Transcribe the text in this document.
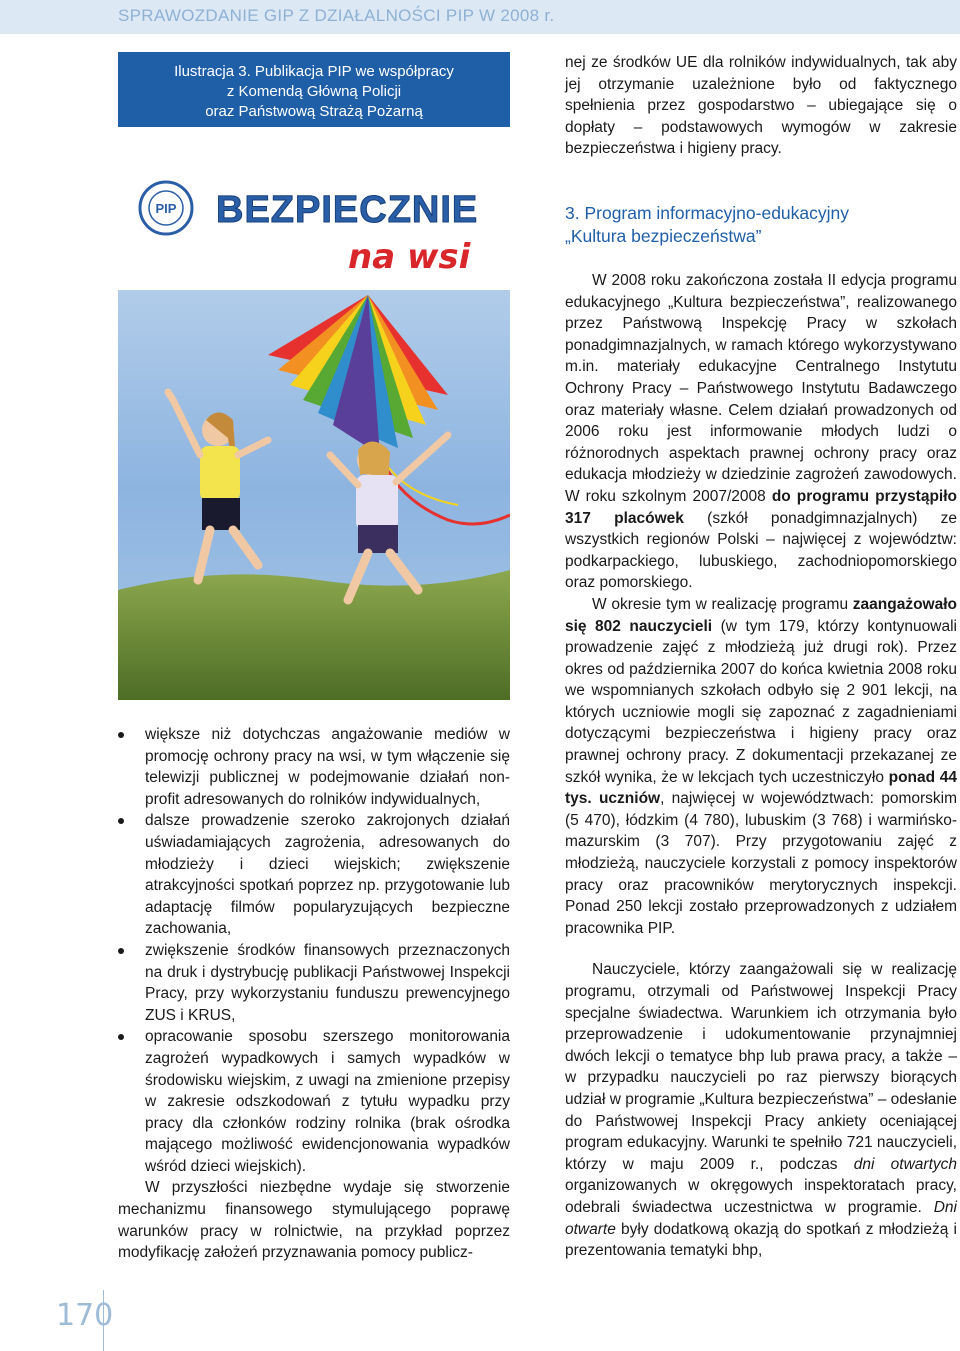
SPRAWOZDANIE GIP Z DZIAŁALNOŚCI PIP W 2008 r.
Ilustracja 3. Publikacja PIP we współpracy
z Komendą Główną Policji
oraz Państwową Strażą Pożarną
PIP BEZPIECZNIE
na wsi

nej ze środków UE dla rolników indywidualnych, tak aby jej otrzymanie uzależnione było od faktycznego spełnienia przez gospodarstwo – ubiegające się o dopłaty – podstawowych wymogów w zakresie bezpieczeństwa i higieny pracy.

3. Program informacyjno-edukacyjny
„Kultura bezpieczeństwa”

W 2008 roku zakończona została II edycja programu edukacyjnego „Kultura bezpieczeństwa”, realizowanego przez Państwową Inspekcję Pracy w szkołach ponadgimnazjalnych, w ramach którego wykorzystywano m.in. materiały edukacyjne Centralnego Instytutu Ochrony Pracy – Państwowego Instytutu Badawczego oraz materiały własne. Celem działań prowadzonych od 2006 roku jest informowanie młodych ludzi o różnorodnych aspektach prawnej ochrony pracy oraz edukacja młodzieży w dziedzinie zagrożeń zawodowych. W roku szkolnym 2007/2008 do programu przystąpiło 317 placówek (szkół ponadgimnazjalnych) ze wszystkich regionów Polski – najwięcej z województw: podkarpackiego, lubuskiego, zachodniopomorskiego oraz pomorskiego.

W okresie tym w realizację programu zaangażowało się 802 nauczycieli (w tym 179, którzy kontynuowali prowadzenie zajęć z młodzieżą już drugi rok). Przez okres od października 2007 do końca kwietnia 2008 roku we wspomnianych szkołach odbyło się 2 901 lekcji, na których uczniowie mogli się zapoznać z zagadnieniami dotyczącymi bezpieczeństwa i higieny pracy oraz prawnej ochrony pracy. Z dokumentacji przekazanej ze szkół wynika, że w lekcjach tych uczestniczyło ponad 44 tys. uczniów, najwięcej w województwach: pomorskim (5 470), łódzkim (4 780), lubuskim (3 768) i warmińsko-mazurskim (3 707). Przy przygotowaniu zajęć z młodzieżą, nauczyciele korzystali z pomocy inspektorów pracy oraz pracowników merytorycznych inspekcji. Ponad 250 lekcji zostało przeprowadzonych z udziałem pracownika PIP.

Nauczyciele, którzy zaangażowali się w realizację programu, otrzymali od Państwowej Inspekcji Pracy specjalne świadectwa. Warunkiem ich otrzymania było przeprowadzenie i udokumentowanie przynajmniej dwóch lekcji o tematyce bhp lub prawa pracy, a także – w przypadku nauczycieli po raz pierwszy biorących udział w programie „Kultura bezpieczeństwa” – odesłanie do Państwowej Inspekcji Pracy ankiety oceniającej program edukacyjny. Warunki te spełniło 721 nauczycieli, którzy w maju 2009 r., podczas dni otwartych organizowanych w okręgowych inspektoratach pracy, odebrali świadectwa uczestnictwa w programie. Dni otwarte były dodatkową okazją do spotkań z młodzieżą i prezentowania tematyki bhp,

większe niż dotychczas angażowanie mediów w promocję ochrony pracy na wsi, w tym włączenie się telewizji publicznej w podejmowanie działań non-profit adresowanych do rolników indywidualnych,
dalsze prowadzenie szeroko zakrojonych działań uświadamiających zagrożenia, adresowanych do młodzieży i dzieci wiejskich; zwiększenie atrakcyjności spotkań poprzez np. przygotowanie lub adaptację filmów popularyzujących bezpieczne zachowania,
zwiększenie środków finansowych przeznaczonych na druk i dystrybucję publikacji Państwowej Inspekcji Pracy, przy wykorzystaniu funduszu prewencyjnego ZUS i KRUS,
opracowanie sposobu szerszego monitorowania zagrożeń wypadkowych i samych wypadków w środowisku wiejskim, z uwagi na zmienione przepisy w zakresie odszkodowań z tytułu wypadku przy pracy dla członków rodziny rolnika (brak ośrodka mającego możliwość ewidencjonowania wypadków wśród dzieci wiejskich).

W przyszłości niezbędne wydaje się stworzenie mechanizmu finansowego stymulującego poprawę warunków pracy w rolnictwie, na przykład poprzez modyfikację założeń przyznawania pomocy publicz-

170
